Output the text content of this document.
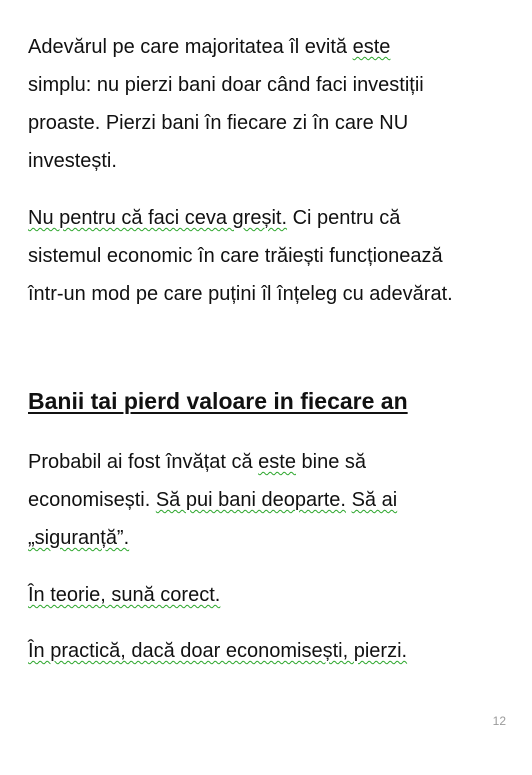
Adevărul pe care majoritatea îl evită este
simplu: nu pierzi bani doar când faci investiții
proaste. Pierzi bani în fiecare zi în care NU
investești.

Nu pentru că faci ceva greșit. Ci pentru că
sistemul economic în care trăiești funcționează
într-un mod pe care puțini îl înțeleg cu adevărat.

Banii tai pierd valoare in fiecare an

Probabil ai fost învățat că este bine să
economisești. Să pui bani deoparte. Să ai
„siguranță”.

În teorie, sună corect.

În practică, dacă doar economisești, pierzi.

12
